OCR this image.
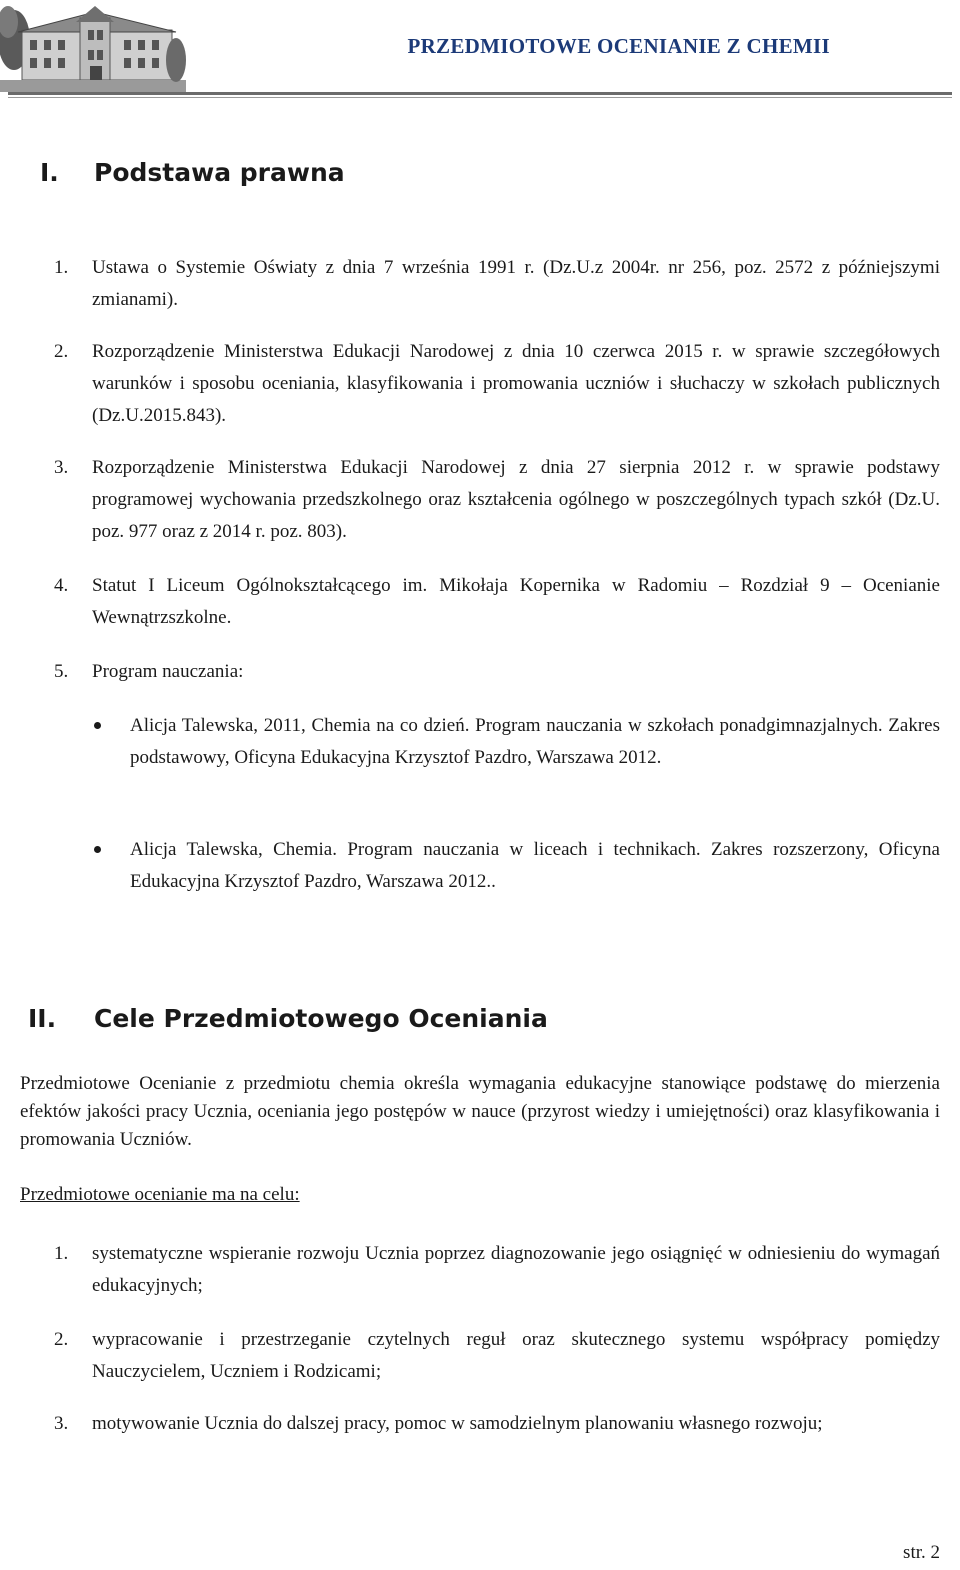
PRZEDMIOTOWE OCENIANIE Z CHEMII
I. Podstawa prawna
1. Ustawa o Systemie Oświaty z dnia 7 września 1991 r. (Dz.U.z 2004r. nr 256, poz. 2572 z późniejszymi zmianami).
2. Rozporządzenie Ministerstwa Edukacji Narodowej z dnia 10 czerwca 2015 r. w sprawie szczegółowych warunków i sposobu oceniania, klasyfikowania i promowania uczniów i słuchaczy w szkołach publicznych (Dz.U.2015.843).
3. Rozporządzenie Ministerstwa Edukacji Narodowej z dnia 27 sierpnia 2012 r. w sprawie podstawy programowej wychowania przedszkolnego oraz kształcenia ogólnego w poszczególnych typach szkół (Dz.U. poz. 977 oraz z 2014 r. poz. 803).
4. Statut I Liceum Ogólnokształcącego im. Mikołaja Kopernika w Radomiu – Rozdział 9 – Ocenianie Wewnątrzszkolne.
5. Program nauczania:
Alicja Talewska, 2011, Chemia na co dzień. Program nauczania w szkołach ponadgimnazjalnych. Zakres podstawowy, Oficyna Edukacyjna Krzysztof Pazdro, Warszawa 2012.
Alicja Talewska, Chemia. Program nauczania w liceach i technikach. Zakres rozszerzony, Oficyna Edukacyjna Krzysztof Pazdro, Warszawa 2012..
II. Cele Przedmiotowego Oceniania
Przedmiotowe Ocenianie z przedmiotu chemia określa wymagania edukacyjne stanowiące podstawę do mierzenia efektów jakości pracy Ucznia, oceniania jego postępów w nauce (przyrost wiedzy i umiejętności) oraz klasyfikowania i promowania Uczniów.
Przedmiotowe ocenianie ma na celu:
1. systematyczne wspieranie rozwoju Ucznia poprzez diagnozowanie jego osiągnięć w odniesieniu do wymagań edukacyjnych;
2. wypracowanie i przestrzeganie czytelnych reguł oraz skutecznego systemu współpracy pomiędzy Nauczycielem, Uczniem i Rodzicami;
3. motywowanie Ucznia do dalszej pracy, pomoc w samodzielnym planowaniu własnego rozwoju;
str. 2
